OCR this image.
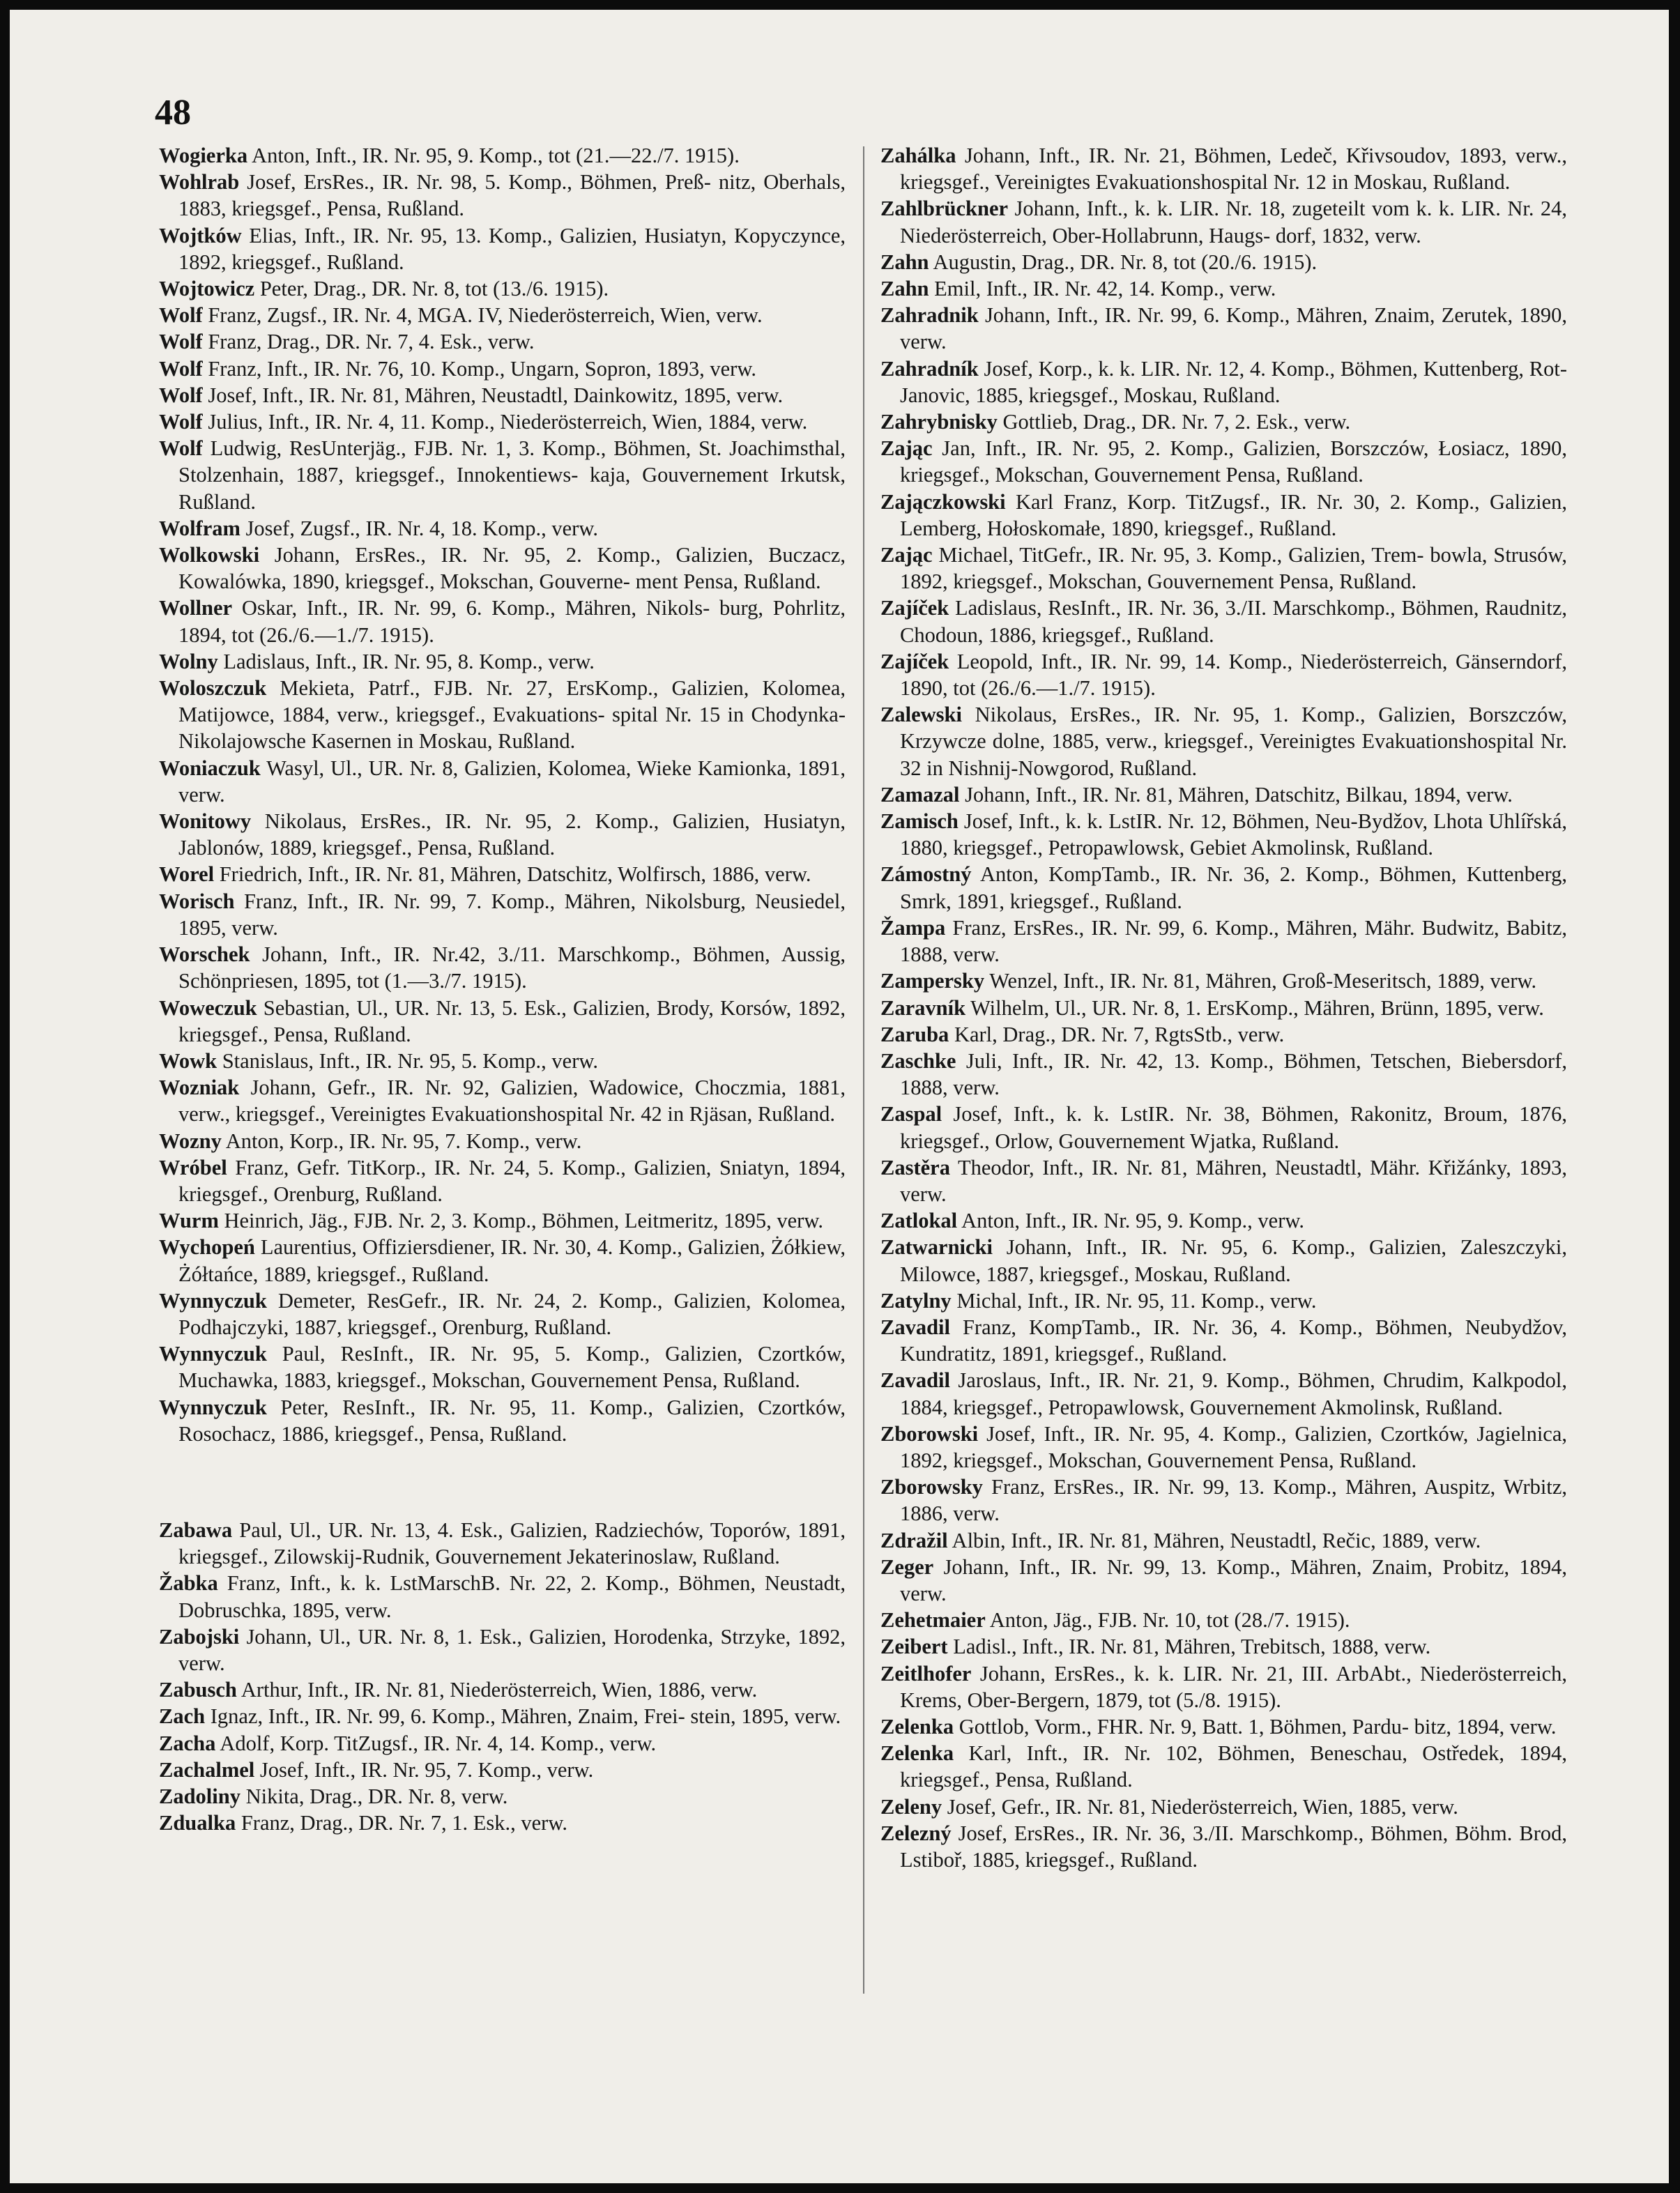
48
Wogierka Anton, Inft., IR. Nr. 95, 9. Komp., tot (21.—22./7. 1915).
Wohlrab Josef, ErsRes., IR. Nr. 98, 5. Komp., Böhmen, Preß- nitz, Oberhals, 1883, kriegsgef., Pensa, Rußland.
Wojtków Elias, Inft., IR. Nr. 95, 13. Komp., Galizien, Husiatyn, Kopyczynce, 1892, kriegsgef., Rußland.
Wojtowicz Peter, Drag., DR. Nr. 8, tot (13./6. 1915).
Wolf Franz, Zugsf., IR. Nr. 4, MGA. IV, Niederösterreich, Wien, verw.
Wolf Franz, Drag., DR. Nr. 7, 4. Esk., verw.
Wolf Franz, Inft., IR. Nr. 76, 10. Komp., Ungarn, Sopron, 1893, verw.
Wolf Josef, Inft., IR. Nr. 81, Mähren, Neustadtl, Dainkowitz, 1895, verw.
Wolf Julius, Inft., IR. Nr. 4, 11. Komp., Niederösterreich, Wien, 1884, verw.
Wolf Ludwig, ResUnterjäg., FJB. Nr. 1, 3. Komp., Böhmen, St. Joachimsthal, Stolzenhain, 1887, kriegsgef., Innokentiews- kaja, Gouvernement Irkutsk, Rußland.
Wolfram Josef, Zugsf., IR. Nr. 4, 18. Komp., verw.
Wolkowski Johann, ErsRes., IR. Nr. 95, 2. Komp., Galizien, Buczacz, Kowalówka, 1890, kriegsgef., Mokschan, Gouverne- ment Pensa, Rußland.
Wollner Oskar, Inft., IR. Nr. 99, 6. Komp., Mähren, Nikols- burg, Pohrlitz, 1894, tot (26./6.—1./7. 1915).
Wolny Ladislaus, Inft., IR. Nr. 95, 8. Komp., verw.
Woloszczuk Mekieta, Patrf., FJB. Nr. 27, ErsKomp., Galizien, Kolomea, Matijowce, 1884, verw., kriegsgef., Evakuations- spital Nr. 15 in Chodynka-Nikolajowsche Kasernen in Moskau, Rußland.
Woniaczuk Wasyl, Ul., UR. Nr. 8, Galizien, Kolomea, Wieke Kamionka, 1891, verw.
Wonitowy Nikolaus, ErsRes., IR. Nr. 95, 2. Komp., Galizien, Husiatyn, Jablonów, 1889, kriegsgef., Pensa, Rußland.
Worel Friedrich, Inft., IR. Nr. 81, Mähren, Datschitz, Wolfirsch, 1886, verw.
Worisch Franz, Inft., IR. Nr. 99, 7. Komp., Mähren, Nikolsburg, Neusiedel, 1895, verw.
Worschek Johann, Inft., IR. Nr.42, 3./11. Marschkomp., Böhmen, Aussig, Schönpriesen, 1895, tot (1.—3./7. 1915).
Woweczuk Sebastian, Ul., UR. Nr. 13, 5. Esk., Galizien, Brody, Korsów, 1892, kriegsgef., Pensa, Rußland.
Wowk Stanislaus, Inft., IR. Nr. 95, 5. Komp., verw.
Wozniak Johann, Gefr., IR. Nr. 92, Galizien, Wadowice, Choczmia, 1881, verw., kriegsgef., Vereinigtes Evakuationshospital Nr. 42 in Rjäsan, Rußland.
Wozny Anton, Korp., IR. Nr. 95, 7. Komp., verw.
Wróbel Franz, Gefr. TitKorp., IR. Nr. 24, 5. Komp., Galizien, Sniatyn, 1894, kriegsgef., Orenburg, Rußland.
Wurm Heinrich, Jäg., FJB. Nr. 2, 3. Komp., Böhmen, Leitmeritz, 1895, verw.
Wychopeń Laurentius, Offiziersdiener, IR. Nr. 30, 4. Komp., Galizien, Żółkiew, Żółtańce, 1889, kriegsgef., Rußland.
Wynnyczuk Demeter, ResGefr., IR. Nr. 24, 2. Komp., Galizien, Kolomea, Podhajczyki, 1887, kriegsgef., Orenburg, Rußland.
Wynnyczuk Paul, ResInft., IR. Nr. 95, 5. Komp., Galizien, Czortków, Muchawka, 1883, kriegsgef., Mokschan, Gouvernement Pensa, Rußland.
Wynnyczuk Peter, ResInft., IR. Nr. 95, 11. Komp., Galizien, Czortków, Rosochacz, 1886, kriegsgef., Pensa, Rußland.
Zabawa Paul, Ul., UR. Nr. 13, 4. Esk., Galizien, Radziechów, Toporów, 1891, kriegsgef., Zilowskij-Rudnik, Gouvernement Jekaterinoslaw, Rußland.
Žabka Franz, Inft., k. k. LstMarschB. Nr. 22, 2. Komp., Böhmen, Neustadt, Dobruschka, 1895, verw.
Zabojski Johann, Ul., UR. Nr. 8, 1. Esk., Galizien, Horodenka, Strzyke, 1892, verw.
Zabusch Arthur, Inft., IR. Nr. 81, Niederösterreich, Wien, 1886, verw.
Zach Ignaz, Inft., IR. Nr. 99, 6. Komp., Mähren, Znaim, Frei- stein, 1895, verw.
Zacha Adolf, Korp. TitZugsf., IR. Nr. 4, 14. Komp., verw.
Zachalmel Josef, Inft., IR. Nr. 95, 7. Komp., verw.
Zadoliny Nikita, Drag., DR. Nr. 8, verw.
Zdualka Franz, Drag., DR. Nr. 7, 1. Esk., verw.
Zahálka Johann, Inft., IR. Nr. 21, Böhmen, Ledeč, Křivsoudov, 1893, verw., kriegsgef., Vereinigtes Evakuationshospital Nr. 12 in Moskau, Rußland.
Zahlbrückner Johann, Inft., k. k. LIR. Nr. 18, zugeteilt vom k. k. LIR. Nr. 24, Niederösterreich, Ober-Hollabrunn, Haugs- dorf, 1832, verw.
Zahn Augustin, Drag., DR. Nr. 8, tot (20./6. 1915).
Zahn Emil, Inft., IR. Nr. 42, 14. Komp., verw.
Zahradnik Johann, Inft., IR. Nr. 99, 6. Komp., Mähren, Znaim, Zerutek, 1890, verw.
Zahradník Josef, Korp., k. k. LIR. Nr. 12, 4. Komp., Böhmen, Kuttenberg, Rot-Janovic, 1885, kriegsgef., Moskau, Rußland.
Zahrybnisky Gottlieb, Drag., DR. Nr. 7, 2. Esk., verw.
Zając Jan, Inft., IR. Nr. 95, 2. Komp., Galizien, Borszczów, Łosiacz, 1890, kriegsgef., Mokschan, Gouvernement Pensa, Rußland.
Zajączkowski Karl Franz, Korp. TitZugsf., IR. Nr. 30, 2. Komp., Galizien, Lemberg, Hołoskomałe, 1890, kriegsgef., Rußland.
Zając Michael, TitGefr., IR. Nr. 95, 3. Komp., Galizien, Trem- bowla, Strusów, 1892, kriegsgef., Mokschan, Gouvernement Pensa, Rußland.
Zajíček Ladislaus, ResInft., IR. Nr. 36, 3./II. Marschkomp., Böhmen, Raudnitz, Chodoun, 1886, kriegsgef., Rußland.
Zajíček Leopold, Inft., IR. Nr. 99, 14. Komp., Niederösterreich, Gänserndorf, 1890, tot (26./6.—1./7. 1915).
Zalewski Nikolaus, ErsRes., IR. Nr. 95, 1. Komp., Galizien, Borszczów, Krzywcze dolne, 1885, verw., kriegsgef., Vereinigtes Evakuationshospital Nr. 32 in Nishnij-Nowgorod, Rußland.
Zamazal Johann, Inft., IR. Nr. 81, Mähren, Datschitz, Bilkau, 1894, verw.
Zamisch Josef, Inft., k. k. LstIR. Nr. 12, Böhmen, Neu-Bydžov, Lhota Uhlířská, 1880, kriegsgef., Petropawlowsk, Gebiet Akmolinsk, Rußland.
Zámostný Anton, KompTamb., IR. Nr. 36, 2. Komp., Böhmen, Kuttenberg, Smrk, 1891, kriegsgef., Rußland.
Žampa Franz, ErsRes., IR. Nr. 99, 6. Komp., Mähren, Mähr. Budwitz, Babitz, 1888, verw.
Zampersky Wenzel, Inft., IR. Nr. 81, Mähren, Groß-Meseritsch, 1889, verw.
Zaravník Wilhelm, Ul., UR. Nr. 8, 1. ErsKomp., Mähren, Brünn, 1895, verw.
Zaruba Karl, Drag., DR. Nr. 7, RgtsStb., verw.
Zaschke Juli, Inft., IR. Nr. 42, 13. Komp., Böhmen, Tetschen, Biebersdorf, 1888, verw.
Zaspal Josef, Inft., k. k. LstIR. Nr. 38, Böhmen, Rakonitz, Broum, 1876, kriegsgef., Orlow, Gouvernement Wjatka, Rußland.
Zastěra Theodor, Inft., IR. Nr. 81, Mähren, Neustadtl, Mähr. Křižánky, 1893, verw.
Zatlokal Anton, Inft., IR. Nr. 95, 9. Komp., verw.
Zatwarnicki Johann, Inft., IR. Nr. 95, 6. Komp., Galizien, Zaleszczyki, Milowce, 1887, kriegsgef., Moskau, Rußland.
Zatylny Michal, Inft., IR. Nr. 95, 11. Komp., verw.
Zavadil Franz, KompTamb., IR. Nr. 36, 4. Komp., Böhmen, Neubydžov, Kundratitz, 1891, kriegsgef., Rußland.
Zavadil Jaroslaus, Inft., IR. Nr. 21, 9. Komp., Böhmen, Chrudim, Kalkpodol, 1884, kriegsgef., Petropawlowsk, Gouvernement Akmolinsk, Rußland.
Zborowski Josef, Inft., IR. Nr. 95, 4. Komp., Galizien, Czortków, Jagielnica, 1892, kriegsgef., Mokschan, Gouvernement Pensa, Rußland.
Zborowsky Franz, ErsRes., IR. Nr. 99, 13. Komp., Mähren, Auspitz, Wrbitz, 1886, verw.
Zdražil Albin, Inft., IR. Nr. 81, Mähren, Neustadtl, Rečic, 1889, verw.
Zeger Johann, Inft., IR. Nr. 99, 13. Komp., Mähren, Znaim, Probitz, 1894, verw.
Zehetmaier Anton, Jäg., FJB. Nr. 10, tot (28./7. 1915).
Zeibert Ladisl., Inft., IR. Nr. 81, Mähren, Trebitsch, 1888, verw.
Zeitlhofer Johann, ErsRes., k. k. LIR. Nr. 21, III. ArbAbt., Niederösterreich, Krems, Ober-Bergern, 1879, tot (5./8. 1915).
Zelenka Gottlob, Vorm., FHR. Nr. 9, Batt. 1, Böhmen, Pardu- bitz, 1894, verw.
Zelenka Karl, Inft., IR. Nr. 102, Böhmen, Beneschau, Ostředek, 1894, kriegsgef., Pensa, Rußland.
Zeleny Josef, Gefr., IR. Nr. 81, Niederösterreich, Wien, 1885, verw.
Zelezný Josef, ErsRes., IR. Nr. 36, 3./II. Marschkomp., Böhmen, Böhm. Brod, Lstiboř, 1885, kriegsgef., Rußland.
